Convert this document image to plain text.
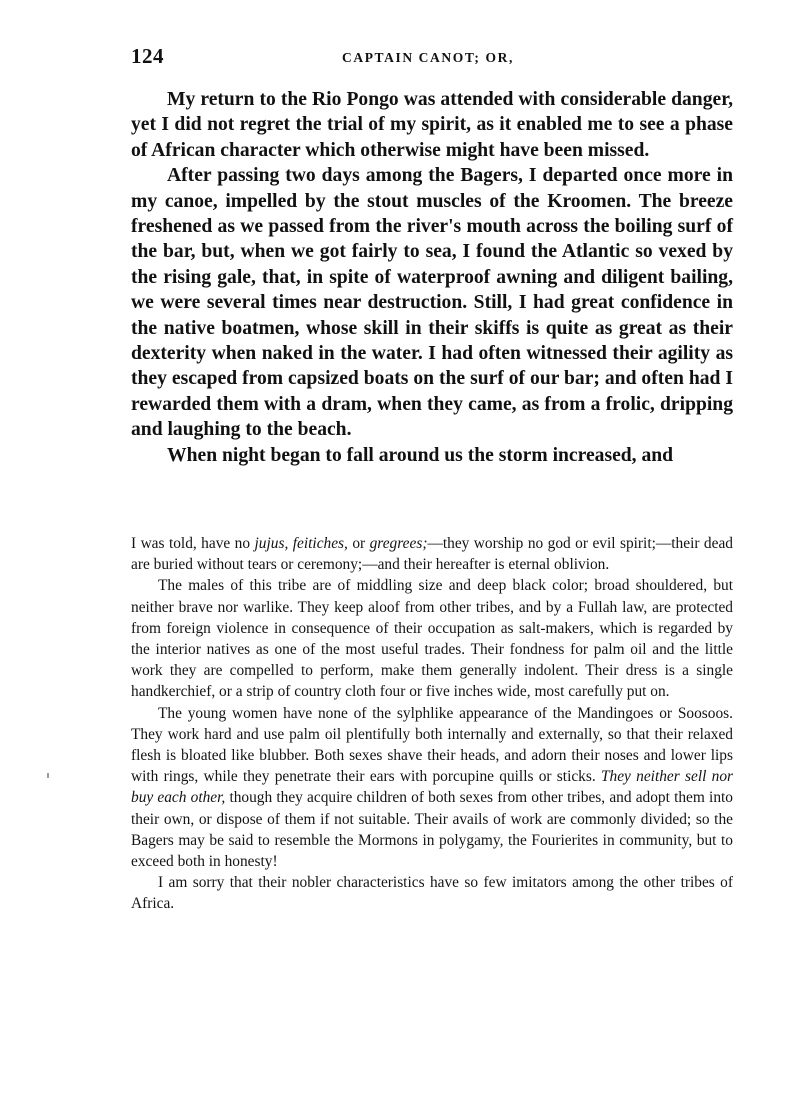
124	CAPTAIN CANOT; OR,

My return to the Rio Pongo was attended with considerable danger, yet I did not regret the trial of my spirit, as it enabled me to see a phase of African character which otherwise might have been missed.

After passing two days among the Bagers, I departed once more in my canoe, impelled by the stout muscles of the Kroomen. The breeze freshened as we passed from the river's mouth across the boiling surf of the bar, but, when we got fairly to sea, I found the Atlantic so vexed by the rising gale, that, in spite of waterproof awning and diligent bailing, we were several times near destruction. Still, I had great confidence in the native boatmen, whose skill in their skiffs is quite as great as their dexterity when naked in the water. I had often witnessed their agility as they escaped from capsized boats on the surf of our bar; and often had I rewarded them with a dram, when they came, as from a frolic, dripping and laughing to the beach.

When night began to fall around us the storm increased, and

I was told, have no jujus, feitiches, or gregrees;—they worship no god or evil spirit;—their dead are buried without tears or ceremony;—and their hereafter is eternal oblivion.

The males of this tribe are of middling size and deep black color; broad shouldered, but neither brave nor warlike. They keep aloof from other tribes, and by a Fullah law, are protected from foreign violence in consequence of their occupation as salt-makers, which is regarded by the interior natives as one of the most useful trades. Their fondness for palm oil and the little work they are compelled to perform, make them generally indolent. Their dress is a single handkerchief, or a strip of country cloth four or five inches wide, most carefully put on.

The young women have none of the sylphlike appearance of the Mandingoes or Soosoos. They work hard and use palm oil plentifully both internally and externally, so that their relaxed flesh is bloated like blubber. Both sexes shave their heads, and adorn their noses and lower lips with rings, while they penetrate their ears with porcupine quills or sticks. They neither sell nor buy each other, though they acquire children of both sexes from other tribes, and adopt them into their own, or dispose of them if not suitable. Their avails of work are commonly divided; so the Bagers may be said to resemble the Mormons in polygamy, the Fourierites in community, but to exceed both in honesty!

I am sorry that their nobler characteristics have so few imitators among the other tribes of Africa.
